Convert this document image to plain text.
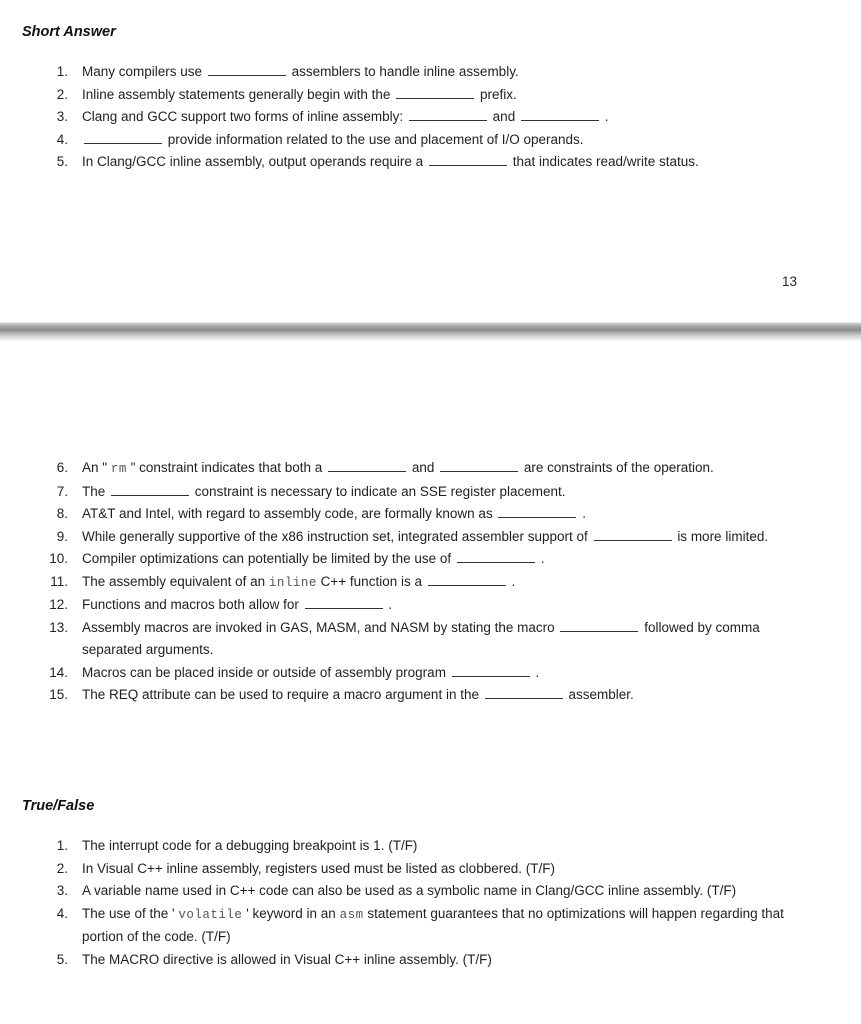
Short Answer
1. Many compilers use	assemblers to handle inline assembly.
2. Inline assembly statements generally begin with the	prefix.
3. Clang and GCC support two forms of inline assembly:	and	.
4.	provide information related to the use and placement of I/O operands.
5. In Clang/GCC inline assembly, output operands require a	that indicates read/write status.
13
6. An " rm " constraint indicates that both a	and	are constraints of the operation.
7. The	constraint is necessary to indicate an SSE register placement.
8. AT&T and Intel, with regard to assembly code, are formally known as	.
9. While generally supportive of the x86 instruction set, integrated assembler support of	is more limited.
10. Compiler optimizations can potentially be limited by the use of	.
11. The assembly equivalent of an inline C++ function is a	.
12. Functions and macros both allow for	.
13. Assembly macros are invoked in GAS, MASM, and NASM by stating the macro	followed by comma separated arguments.
14. Macros can be placed inside or outside of assembly program	.
15. The REQ attribute can be used to require a macro argument in the	assembler.
True/False
1. The interrupt code for a debugging breakpoint is 1. (T/F)
2. In Visual C++ inline assembly, registers used must be listed as clobbered. (T/F)
3. A variable name used in C++ code can also be used as a symbolic name in Clang/GCC inline assembly. (T/F)
4. The use of the ' volatile ' keyword in an asm statement guarantees that no optimizations will happen regarding that portion of the code. (T/F)
5. The MACRO directive is allowed in Visual C++ inline assembly. (T/F)
